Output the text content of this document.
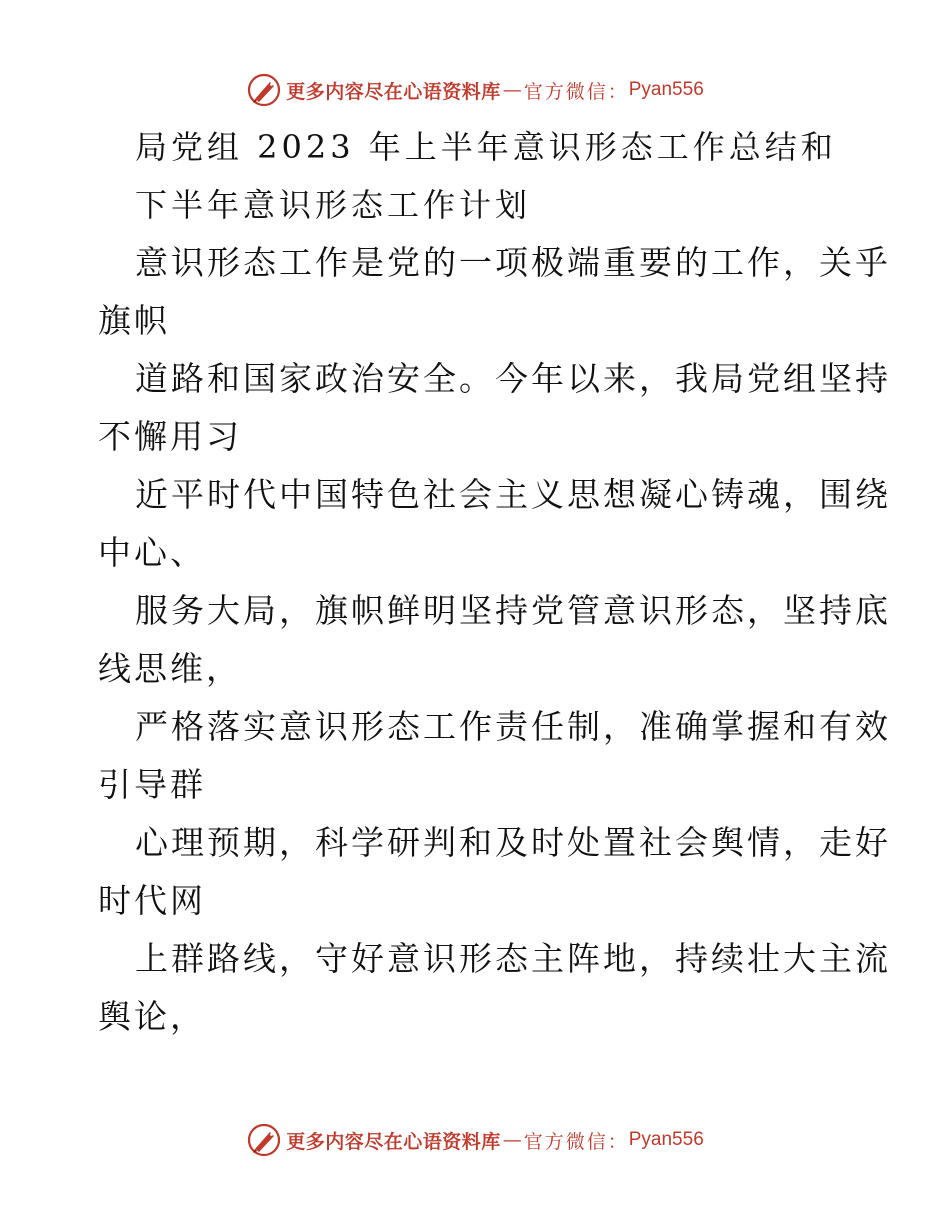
更多内容尽在心语资料库 — 官方微信： Pyan556
局党组 2023 年上半年意识形态工作总结和
下半年意识形态工作计划
意识形态工作是党的一项极端重要的工作，关乎
旗帜
道路和国家政治安全。今年以来，我局党组坚持
不懈用习
近平时代中国特色社会主义思想凝心铸魂，围绕
中心、
服务大局，旗帜鲜明坚持党管意识形态，坚持底
线思维，
严格落实意识形态工作责任制，准确掌握和有效
引导群
心理预期，科学研判和及时处置社会舆情，走好
时代网
上群路线，守好意识形态主阵地，持续壮大主流
舆论，
更多内容尽在心语资料库 — 官方微信： Pyan556
